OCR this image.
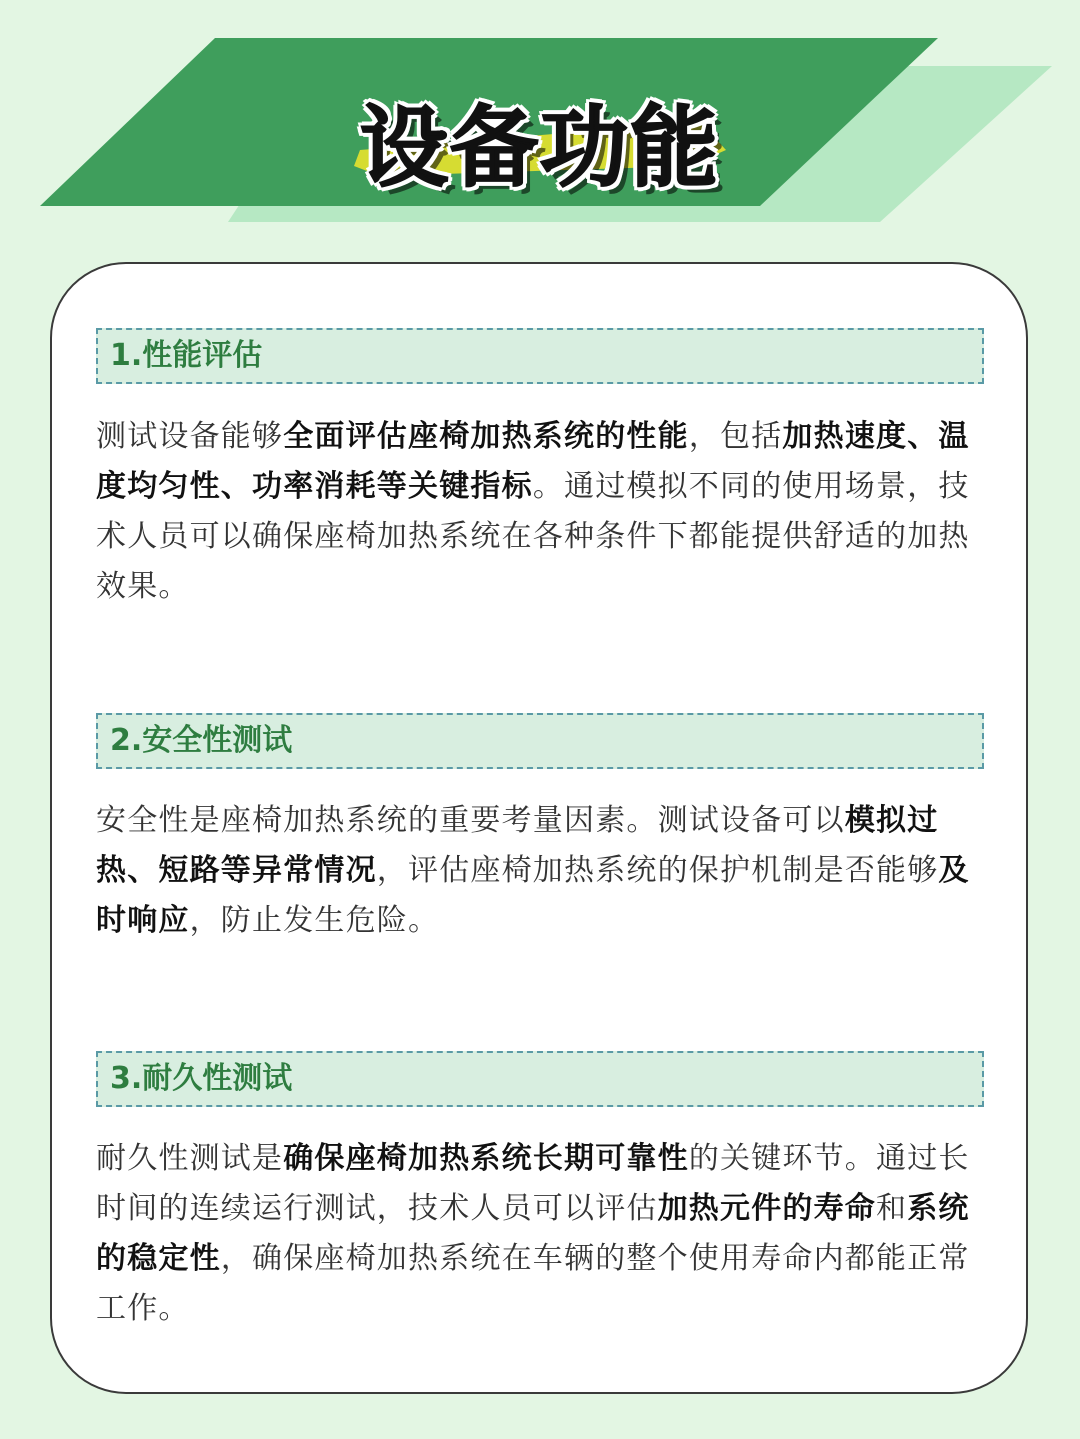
设备功能
1.性能评估

测试设备能够全面评估座椅加热系统的性能，包括加热速度、温度均匀性、功率消耗等关键指标。通过模拟不同的使用场景，技术人员可以确保座椅加热系统在各种条件下都能提供舒适的加热效果。

2.安全性测试

安全性是座椅加热系统的重要考量因素。测试设备可以模拟过热、短路等异常情况，评估座椅加热系统的保护机制是否能够及时响应，防止发生危险。

3.耐久性测试

耐久性测试是确保座椅加热系统长期可靠性的关键环节。通过长时间的连续运行测试，技术人员可以评估加热元件的寿命和系统的稳定性，确保座椅加热系统在车辆的整个使用寿命内都能正常工作。
